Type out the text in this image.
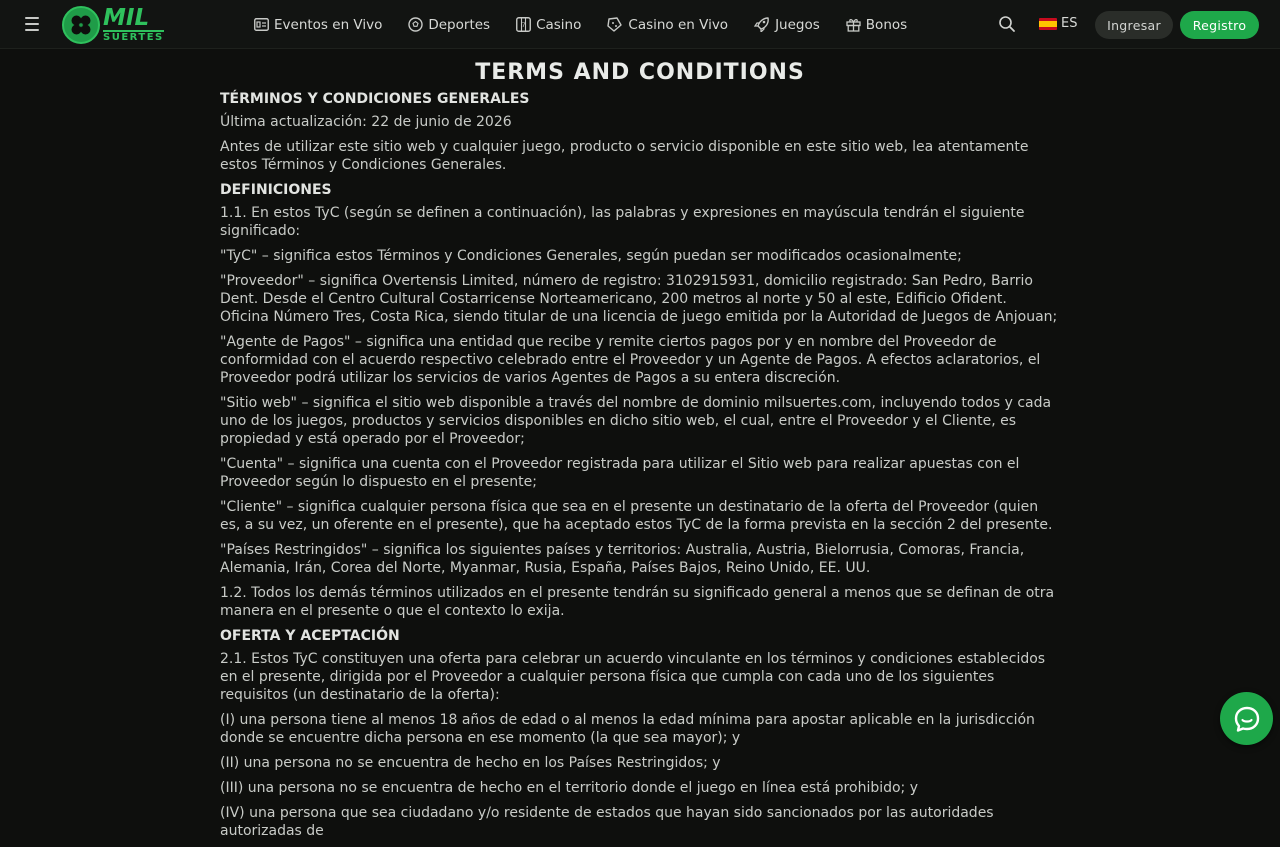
MIL
SUERTES
Eventos en Vivo	Deportes	7 Casino	Casino en Vivo	Juegos	Bonos	ES	Ingresar	Registro
TERMS AND CONDITIONS
TÉRMINOS Y CONDICIONES GENERALES
Última actualización: 22 de junio de 2026
Antes de utilizar este sitio web y cualquier juego, producto o servicio disponible en este sitio web, lea atentamente estos Términos y Condiciones Generales.
DEFINICIONES
1.1. En estos TyC (según se definen a continuación), las palabras y expresiones en mayúscula tendrán el siguiente significado:
"TyC" – significa estos Términos y Condiciones Generales, según puedan ser modificados ocasionalmente;
"Proveedor" – significa Overtensis Limited, número de registro: 3102915931, domicilio registrado: San Pedro, Barrio Dent. Desde el Centro Cultural Costarricense Norteamericano, 200 metros al norte y 50 al este, Edificio Ofident. Oficina Número Tres, Costa Rica, siendo titular de una licencia de juego emitida por la Autoridad de Juegos de Anjouan;
"Agente de Pagos" – significa una entidad que recibe y remite ciertos pagos por y en nombre del Proveedor de conformidad con el acuerdo respectivo celebrado entre el Proveedor y un Agente de Pagos. A efectos aclaratorios, el Proveedor podrá utilizar los servicios de varios Agentes de Pagos a su entera discreción.
"Sitio web" – significa el sitio web disponible a través del nombre de dominio milsuertes.com, incluyendo todos y cada uno de los juegos, productos y servicios disponibles en dicho sitio web, el cual, entre el Proveedor y el Cliente, es propiedad y está operado por el Proveedor;
"Cuenta" – significa una cuenta con el Proveedor registrada para utilizar el Sitio web para realizar apuestas con el Proveedor según lo dispuesto en el presente;
"Cliente" – significa cualquier persona física que sea en el presente un destinatario de la oferta del Proveedor (quien es, a su vez, un oferente en el presente), que ha aceptado estos TyC de la forma prevista en la sección 2 del presente.
"Países Restringidos" – significa los siguientes países y territorios: Australia, Austria, Bielorrusia, Comoras, Francia, Alemania, Irán, Corea del Norte, Myanmar, Rusia, España, Países Bajos, Reino Unido, EE. UU.
1.2. Todos los demás términos utilizados en el presente tendrán su significado general a menos que se definan de otra manera en el presente o que el contexto lo exija.
OFERTA Y ACEPTACIÓN
2.1. Estos TyC constituyen una oferta para celebrar un acuerdo vinculante en los términos y condiciones establecidos en el presente, dirigida por el Proveedor a cualquier persona física que cumpla con cada uno de los siguientes requisitos (un destinatario de la oferta):
(I) una persona tiene al menos 18 años de edad o al menos la edad mínima para apostar aplicable en la jurisdicción donde se encuentre dicha persona en ese momento (la que sea mayor); y
(II) una persona no se encuentra de hecho en los Países Restringidos; y
(III) una persona no se encuentra de hecho en el territorio donde el juego en línea está prohibido; y
(IV) una persona que sea ciudadano y/o residente de estados que hayan sido sancionados por las autoridades autorizadas de
